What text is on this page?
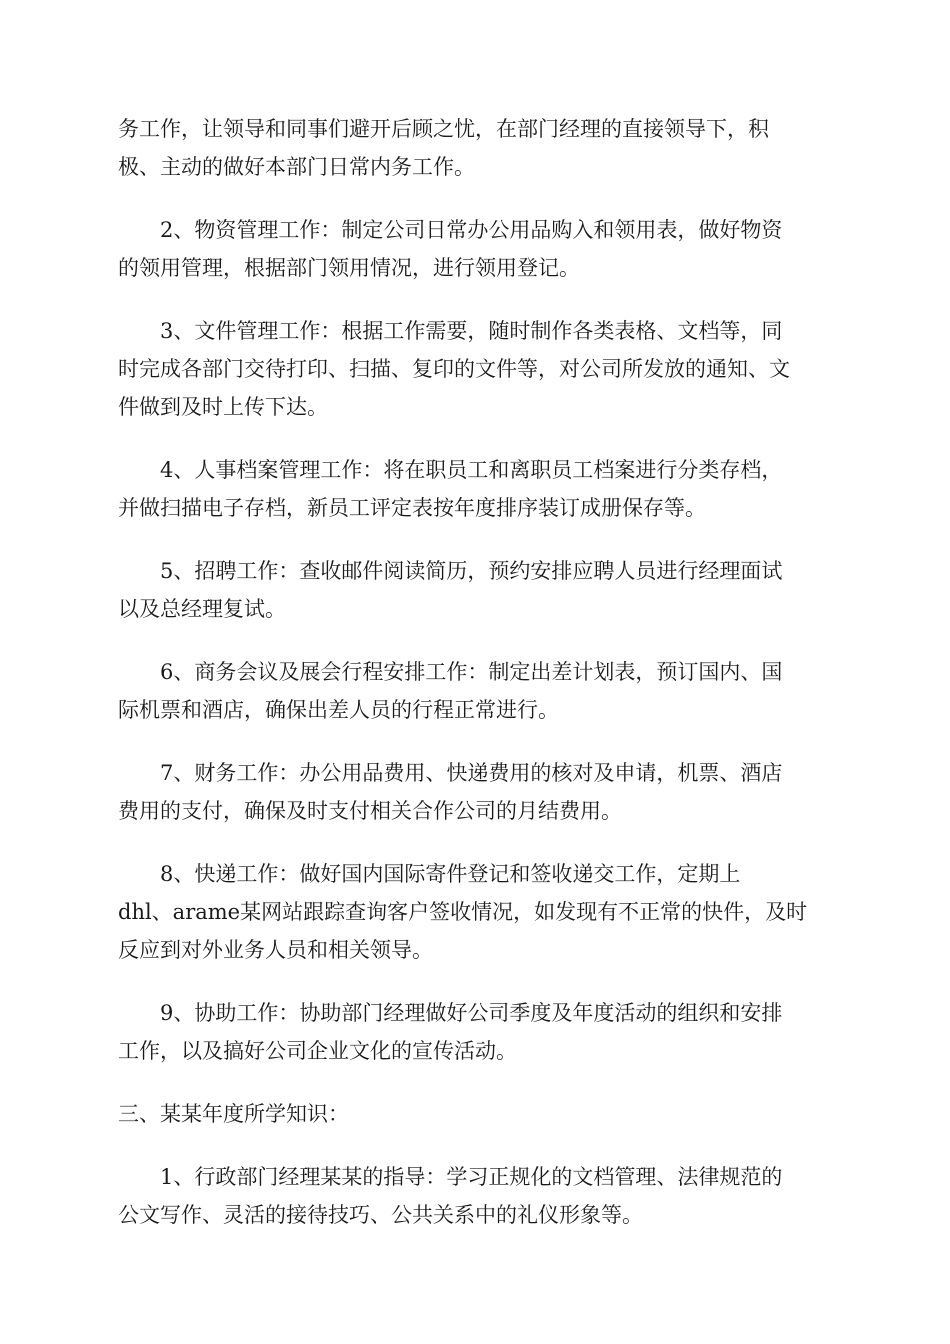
务工作，让领导和同事们避开后顾之忧，在部门经理的直接领导下，积
极、主动的做好本部门日常内务工作。

2、物资管理工作：制定公司日常办公用品购入和领用表，做好物资
的领用管理，根据部门领用情况，进行领用登记。

3、文件管理工作：根据工作需要，随时制作各类表格、文档等，同
时完成各部门交待打印、扫描、复印的文件等，对公司所发放的通知、文
件做到及时上传下达。

4、人事档案管理工作：将在职员工和离职员工档案进行分类存档，
并做扫描电子存档，新员工评定表按年度排序装订成册保存等。

5、招聘工作：查收邮件阅读简历，预约安排应聘人员进行经理面试
以及总经理复试。

6、商务会议及展会行程安排工作：制定出差计划表，预订国内、国
际机票和酒店，确保出差人员的行程正常进行。

7、财务工作：办公用品费用、快递费用的核对及申请，机票、酒店
费用的支付，确保及时支付相关合作公司的月结费用。

8、快递工作：做好国内国际寄件登记和签收递交工作，定期上
dhl、arame某网站跟踪查询客户签收情况，如发现有不正常的快件，及时
反应到对外业务人员和相关领导。

9、协助工作：协助部门经理做好公司季度及年度活动的组织和安排
工作，以及搞好公司企业文化的宣传活动。

三、某某年度所学知识：

1、行政部门经理某某的指导：学习正规化的文档管理、法律规范的
公文写作、灵活的接待技巧、公共关系中的礼仪形象等。
